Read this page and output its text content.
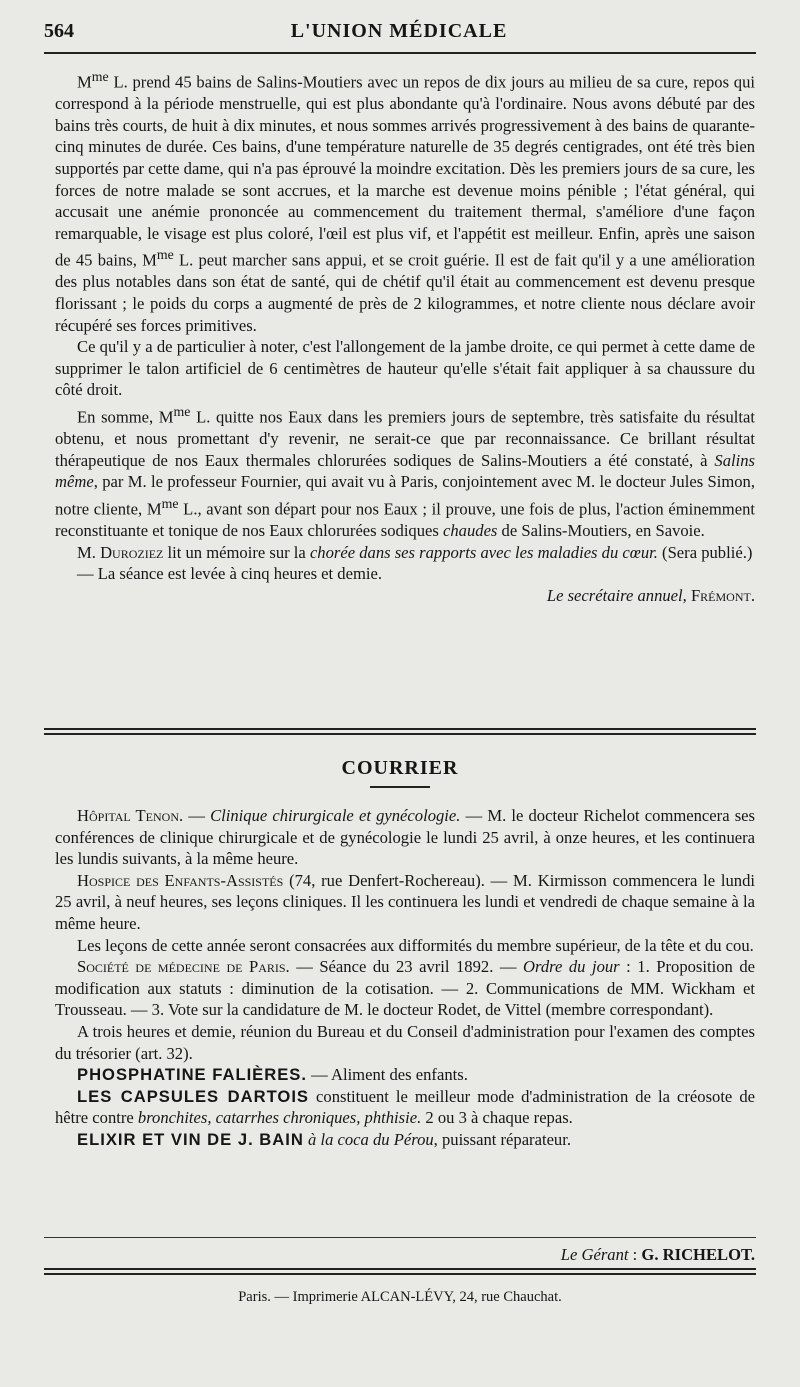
564	L'UNION MÉDICALE

$M^{me}$ L. prend 45 bains de Salins-Moutiers avec un repos de dix jours au milieu de sa cure, repos qui correspond à la période menstruelle, qui est plus abondante qu'à l'ordinaire. Nous avons débuté par des bains très courts, de huit à dix minutes, et nous sommes arrivés progressivement à des bains de quarante-cinq minutes de durée. Ces bains, d'une température naturelle de 35 degrés centigrades, ont été très bien supportés par cette dame, qui n'a pas éprouvé la moindre excitation. Dès les premiers jours de sa cure, les forces de notre malade se sont accrues, et la marche est devenue moins pénible ; l'état général, qui accusait une anémie prononcée au commencement du traitement thermal, s'améliore d'une façon remarquable, le visage est plus coloré, l'œil est plus vif, et l'appétit est meilleur. Enfin, après une saison de 45 bains, $M^{me}$ L. peut marcher sans appui, et se croit guérie. Il est de fait qu'il y a une amélioration des plus notables dans son état de santé, qui de chétif qu'il était au commencement est devenu presque florissant ; le poids du corps a augmenté de près de 2 kilogrammes, et notre cliente nous déclare avoir récupéré ses forces primitives.

Ce qu'il y a de particulier à noter, c'est l'allongement de la jambe droite, ce qui permet à cette dame de supprimer le talon artificiel de 6 centimètres de hauteur qu'elle s'était fait appliquer à sa chaussure du côté droit.

En somme, $M^{me}$ L. quitte nos Eaux dans les premiers jours de septembre, très satisfaite du résultat obtenu, et nous promettant d'y revenir, ne serait-ce que par reconnaissance. Ce brillant résultat thérapeutique de nos Eaux thermales chlorurées sodiques de Salins-Moutiers a été constaté, à Salins même, par M. le professeur Fournier, qui avait vu à Paris, conjointement avec M. le docteur Jules Simon, notre cliente, $M^{me}$ L., avant son départ pour nos Eaux ; il prouve, une fois de plus, l'action éminemment reconstituante et tonique de nos Eaux chlorurées sodiques chaudes de Salins-Moutiers, en Savoie.

M. Duroziez lit un mémoire sur la chorée dans ses rapports avec les maladies du cœur. (Sera publié.)

— La séance est levée à cinq heures et demie.

Le secrétaire annuel, Frémont.

COURRIER

Hôpital Tenon. — Clinique chirurgicale et gynécologie. — M. le docteur Richelot commencera ses conférences de clinique chirurgicale et de gynécologie le lundi 25 avril, à onze heures, et les continuera les lundis suivants, à la même heure.

Hospice des Enfants-Assistés (74, rue Denfert-Rochereau). — M. Kirmisson commencera le lundi 25 avril, à neuf heures, ses leçons cliniques. Il les continuera les lundi et vendredi de chaque semaine à la même heure.

Les leçons de cette année seront consacrées aux difformités du membre supérieur, de la tête et du cou.

Société de médecine de Paris. — Séance du 23 avril 1892. — Ordre du jour : 1. Proposition de modification aux statuts : diminution de la cotisation. — 2. Communications de MM. Wickham et Trousseau. — 3. Vote sur la candidature de M. le docteur Rodet, de Vittel (membre correspondant).

A trois heures et demie, réunion du Bureau et du Conseil d'administration pour l'examen des comptes du trésorier (art. 32).

PHOSPHATINE FALIÈRES. — Aliment des enfants.

LES CAPSULES DARTOIS constituent le meilleur mode d'administration de la créosote de hêtre contre bronchites, catarrhes chroniques, phthisie. 2 ou 3 à chaque repas.

ELIXIR ET VIN DE J. BAIN à la coca du Pérou, puissant réparateur.

Le Gérant : G. RICHELOT.
Paris. — Imprimerie ALCAN-LÉVY, 24, rue Chauchat.
